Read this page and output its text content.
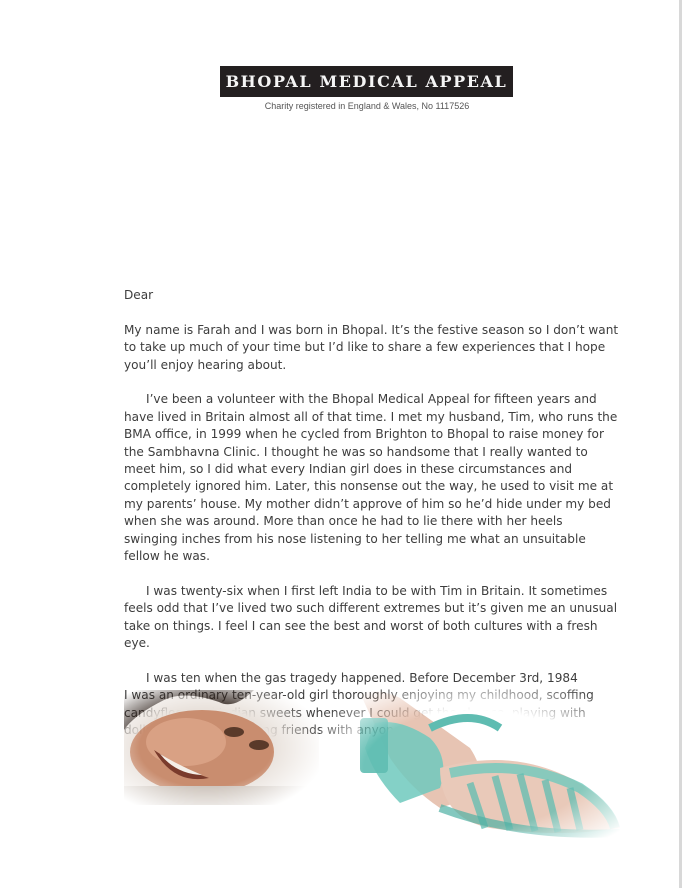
BHOPAL MEDICAL APPEAL
Charity registered in England & Wales, No 1117526

Dear

My name is Farah and I was born in Bhopal. It’s the festive season so I don’t want to take up much of your time but I’d like to share a few experiences that I hope you’ll enjoy hearing about.

I’ve been a volunteer with the Bhopal Medical Appeal for fifteen years and have lived in Britain almost all of that time. I met my husband, Tim, who runs the BMA office, in 1999 when he cycled from Brighton to Bhopal to raise money for the Sambhavna Clinic. I thought he was so handsome that I really wanted to meet him, so I did what every Indian girl does in these circumstances and completely ignored him. Later, this nonsense out the way, he used to visit me at my parents’ house. My mother didn’t approve of him so he’d hide under my bed when she was around. More than once he had to lie there with her heels swinging inches from his nose listening to her telling me what an unsuitable fellow he was.

I was twenty-six when I first left India to be with Tim in Britain. It sometimes feels odd that I’ve lived two such different extremes but it’s given me an unusual take on things. I feel I can see the best and worst of both cultures with a fresh eye.

I was ten when the gas tragedy happened. Before December 3rd, 1984
